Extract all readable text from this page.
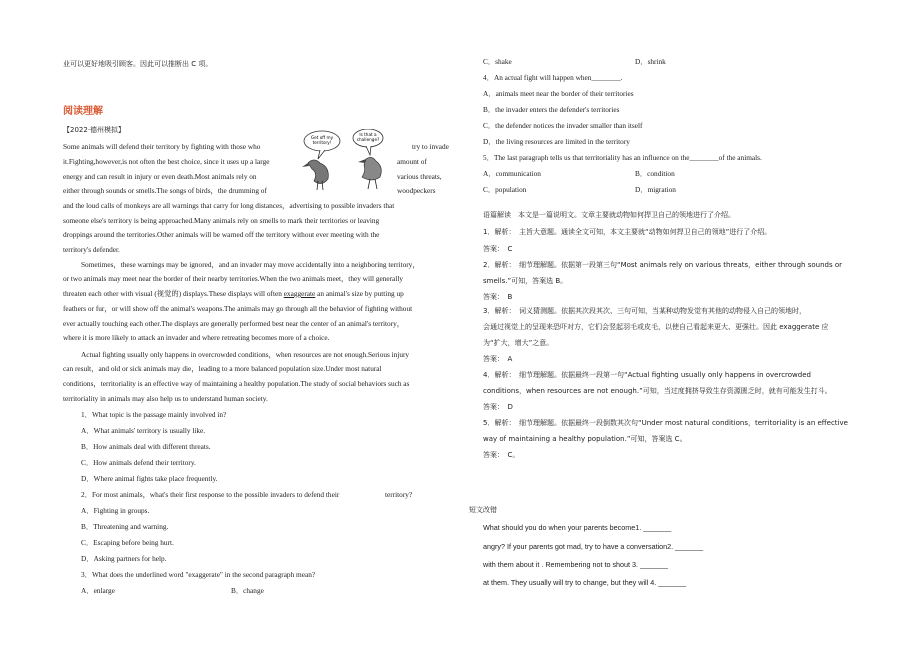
业可以更好地吸引顾客。因此可以推断出 C 项。
阅读理解
【2022·德州模拟】
Some animals will defend their territory by fighting with those who
it.Fighting,however,is not often the best choice, since it uses up a large
energy and can result in injury or even death.Most animals rely on
either through sounds or smells.The songs of birds，the drumming of
try to invade
amount of
various threats,
woodpeckers
and the loud calls of monkeys are all warnings that carry for long distances，advertising to possible invaders that
someone else's territory is being approached.Many animals rely on smells to mark their territories or leaving
droppings around the territories.Other animals will be warned off the territory without ever meeting with the
territory's defender.
Sometimes，these warnings may be ignored，and an invader may move accidentally into a neighboring territory，
or two animals may meet near the border of their nearby territories.When the two animals meet，they will generally
threaten each other with visual (视觉的) displays.These displays will often exaggerate an animal's size by putting up
feathers or fur，or will show off the animal's weapons.The animals may go through all the behavior of fighting without
ever actually touching each other.The displays are generally performed best near the center of an animal's territory，
where it is more likely to attack an invader and where retreating becomes more of a choice.
Actual fighting usually only happens in overcrowded conditions，when resources are not enough.Serious injury
can result，and old or sick animals may die，leading to a more balanced population size.Under most natural
conditions，territoriality is an effective way of maintaining a healthy population.The study of social behaviors such as
territoriality in animals may also help us to understand human society.
1．What topic is the passage mainly involved in?
A．What animals' territory is usually like.
B．How animals deal with different threats.
C．How animals defend their territory.
D．Where animal fights take place frequently.
2．For most animals，what's their first response to the possible invaders to defend their	territory?
A．Fighting in groups.
B．Threatening and warning.
C．Escaping before being hurt.
D．Asking partners for help.
3．What does the underlined word "exaggerate" in the second paragraph mean?
A．enlarge	B．change
Get off my
territory!
Is that a
challenge?
C．shake	D．shrink
4．An actual fight will happen when________.
A．animals meet near the border of their territories
B．the invader enters the defender's territories
C．the defender notices the invader smaller than itself
D．the living resources are limited in the territory
5．The last paragraph tells us that territoriality has an influence on the________of the animals.
A．communication	B．condition
C．population	D．migration
语篇解读　本文是一篇说明文。文章主要就动物如何捍卫自己的领地进行了介绍。
1．解析：　主旨大意题。通读全文可知，本文主要就“动物如何捍卫自己的领地”进行了介绍。
答案：　C
2．解析：　细节理解题。依据第一段第三句“Most animals rely on various threats，either through sounds or
smells.”可知，答案选 B。
答案：　B
3．解析：　词义猜测题。依据其次段其次、三句可知，当某种动物发觉有其他的动物侵入自己的领地时，
会通过视觉上的呈现来恐吓对方，它们会竖起羽毛或皮毛，以使自己看起来更大、更强壮。因此 exaggerate 应
为“扩大，增大”之意。
答案：　A
4．解析：　细节理解题。依据最终一段第一句“Actual fighting usually only happens in overcrowded
conditions，when resources are not enough.”可知，当过度拥挤导致生存资源匮乏时，就有可能发生打斗。
答案：　D
5．解析：　细节理解题。依据最终一段倒数其次句“Under most natural conditions，territoriality is an effective
way of maintaining a healthy population.”可知，答案选 C。
答案：　C。
短文改错
What should you do when your parents become1. _______
angry? If your parents got mad, try to have a conversation2. _______
with them about it . Remembering not to shout 3. _______
at them. They usually will try to change, but they will 4. _______
